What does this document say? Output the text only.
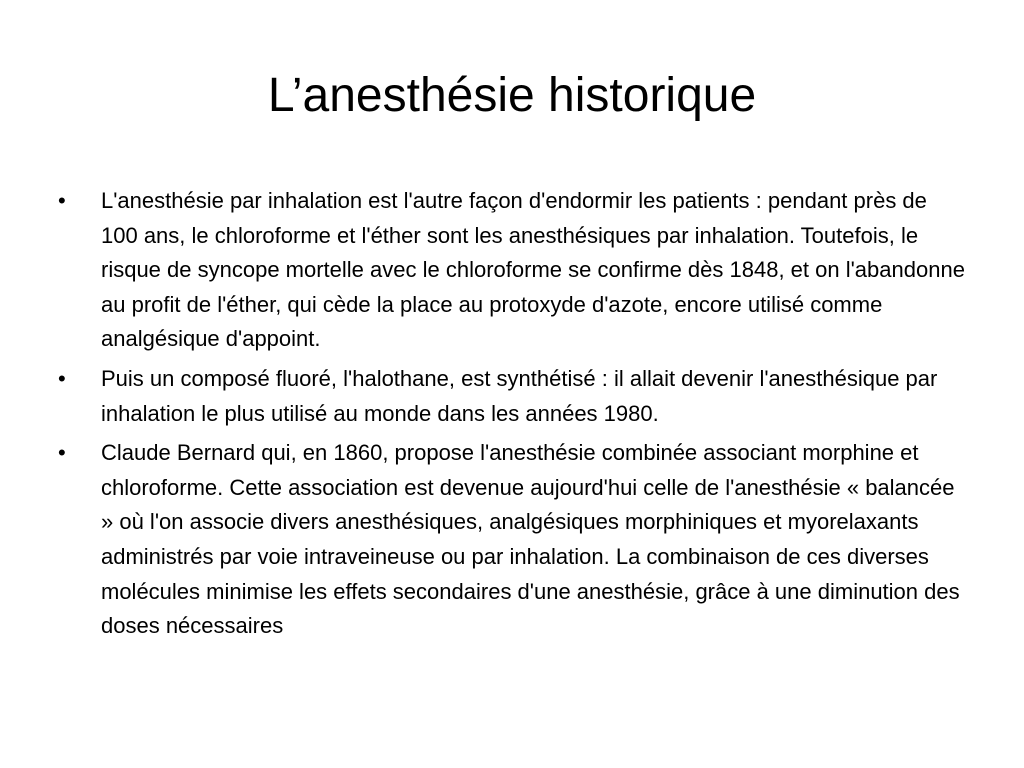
L’anesthésie historique
•	L'anesthésie par inhalation est l'autre façon d'endormir les patients : pendant près de 100 ans, le chloroforme et l'éther sont les anesthésiques par inhalation. Toutefois, le risque de syncope mortelle avec le chloroforme se confirme dès 1848, et on l'abandonne au profit de l'éther, qui cède la place au protoxyde d'azote, encore utilisé comme analgésique d'appoint.
•	Puis un composé fluoré, l'halothane, est synthétisé : il allait devenir l'anesthésique par inhalation le plus utilisé au monde dans les années 1980.
•	Claude Bernard qui, en 1860, propose l'anesthésie combinée associant morphine et chloroforme. Cette association est devenue aujourd'hui celle de l'anesthésie « balancée » où l'on associe divers anesthésiques, analgésiques morphiniques et myorelaxants administrés par voie intraveineuse ou par inhalation. La combinaison de ces diverses molécules minimise les effets secondaires d'une anesthésie, grâce à une diminution des doses nécessaires
